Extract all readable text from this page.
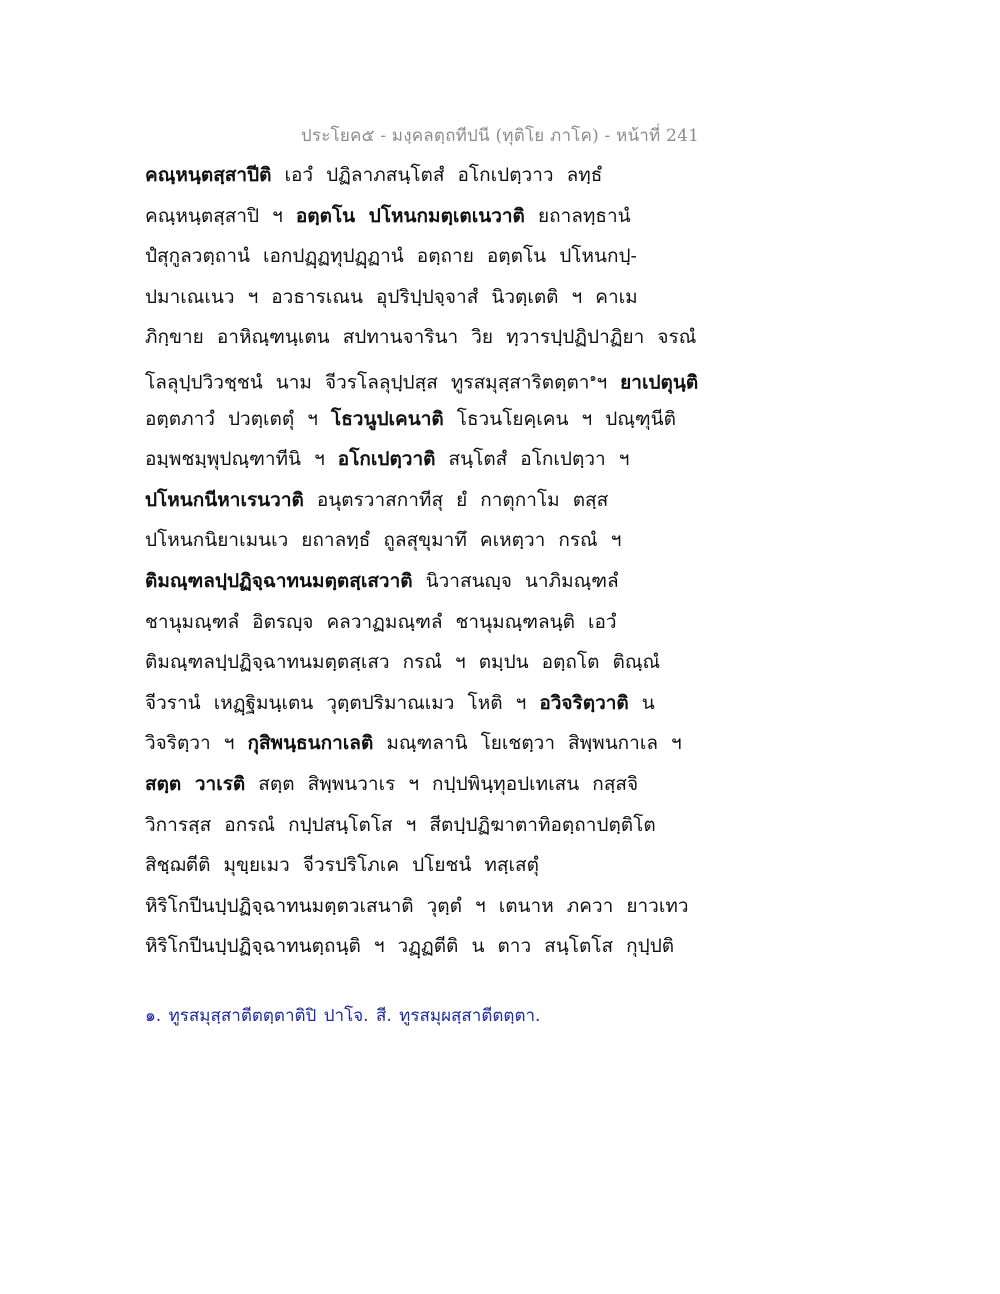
ประโยค๕ - มงฺคลตฺถทีปนี (ทุติโย ภาโค) - หน้าที่ 241
คณฺหนฺตสฺสาปีติ เอวํ ปฏิลาภสนฺโตสํ อโกเปตฺวาว ลทฺธํ
คณฺหนฺตสฺสาปิ ฯ อตฺตโน ปโหนกมตฺเตเนวาติ ยถาลทฺธานํ
ปํสุกูลวตฺถานํ เอกปฏฺฏทุปฏฺฏานํ อตฺถาย อตฺตโน ปโหนกปฺ-
ปมาเณเนว ฯ อวธารเณน อุปริปฺปจฺจาสํ นิวตฺเตติ ฯ คาเม
ภิกฺขาย อาหิณฺฑนฺเตน สปทานจารินา วิย ทฺวารปฺปฏิปาฏิยา จรณํ
โลลุปฺปวิวชฺชนํ นาม จีวรโลลุปฺปสฺส ทูรสมุสฺสาริตตฺตา$^๑$ฯ ยาเปตุนฺติ
อตฺตภาวํ ปวตฺเตตุํ ฯ โธวนูปเคนาติ โธวนโยคฺเคน ฯ ปณฺฑุนีติ
อมฺพชมฺพุปณฺฑาทีนิ ฯ อโกเปตฺวาติ สนฺโตสํ อโกเปตฺวา ฯ
ปโหนกนีหาเรนวาติ อนุตรวาสกาทีสุ ยํ กาตุกาโม ตสฺส
ปโหนกนิยาเมนเว ยถาลทฺธํ ถูลสุขุมาทึ คเหตฺวา กรณํ ฯ
ติมณฺฑลปฺปฏิจฺฉาทนมตฺตสฺเสวาติ นิวาสนญฺจ นาภิมณฺฑลํ
ชานุมณฺฑลํ อิตรญฺจ คลวาฏมณฺฑลํ ชานุมณฺฑลนฺติ เอวํ
ติมณฺฑลปฺปฏิจฺฉาทนมตฺตสฺเสว กรณํ ฯ ตมฺปน อตฺถโต ติณฺณํ
จีวรานํ เหฏฺฐิมนฺเตน วุตฺตปริมาณเมว โหติ ฯ อวิจริตฺวาติ น
วิจริตฺวา ฯ กุสิพนฺธนกาเลติ มณฺฑลานิ โยเชตฺวา สิพฺพนกาเล ฯ
สตฺต วาเรติ สตฺต สิพฺพนวาเร ฯ กปฺปพินฺทุอปเทเสน กสฺสจิ
วิการสฺส อกรณํ กปฺปสนฺโตโส ฯ สีตปฺปฏิฆาตาทิอตฺถาปตฺติโต
สิชฺฌตีติ มุขฺยเมว จีวรปริโภเค ปโยชนํ ทสฺเสตุํ
หิริโกปีนปฺปฏิจฺฉาทนมตฺตวเสนาติ วุตฺตํ ฯ เตนาห ภควา ยาวเทว
หิริโกปีนปฺปฏิจฺฉาทนตฺถนฺติ ฯ วฏฺฏตีติ น ตาว สนฺโตโส กุปฺปติ
๑. ทูรสมุสฺสาตีตตฺตาติปิ ปาโจ. สี. ทูรสมุผสฺสาตีตตฺตา.
